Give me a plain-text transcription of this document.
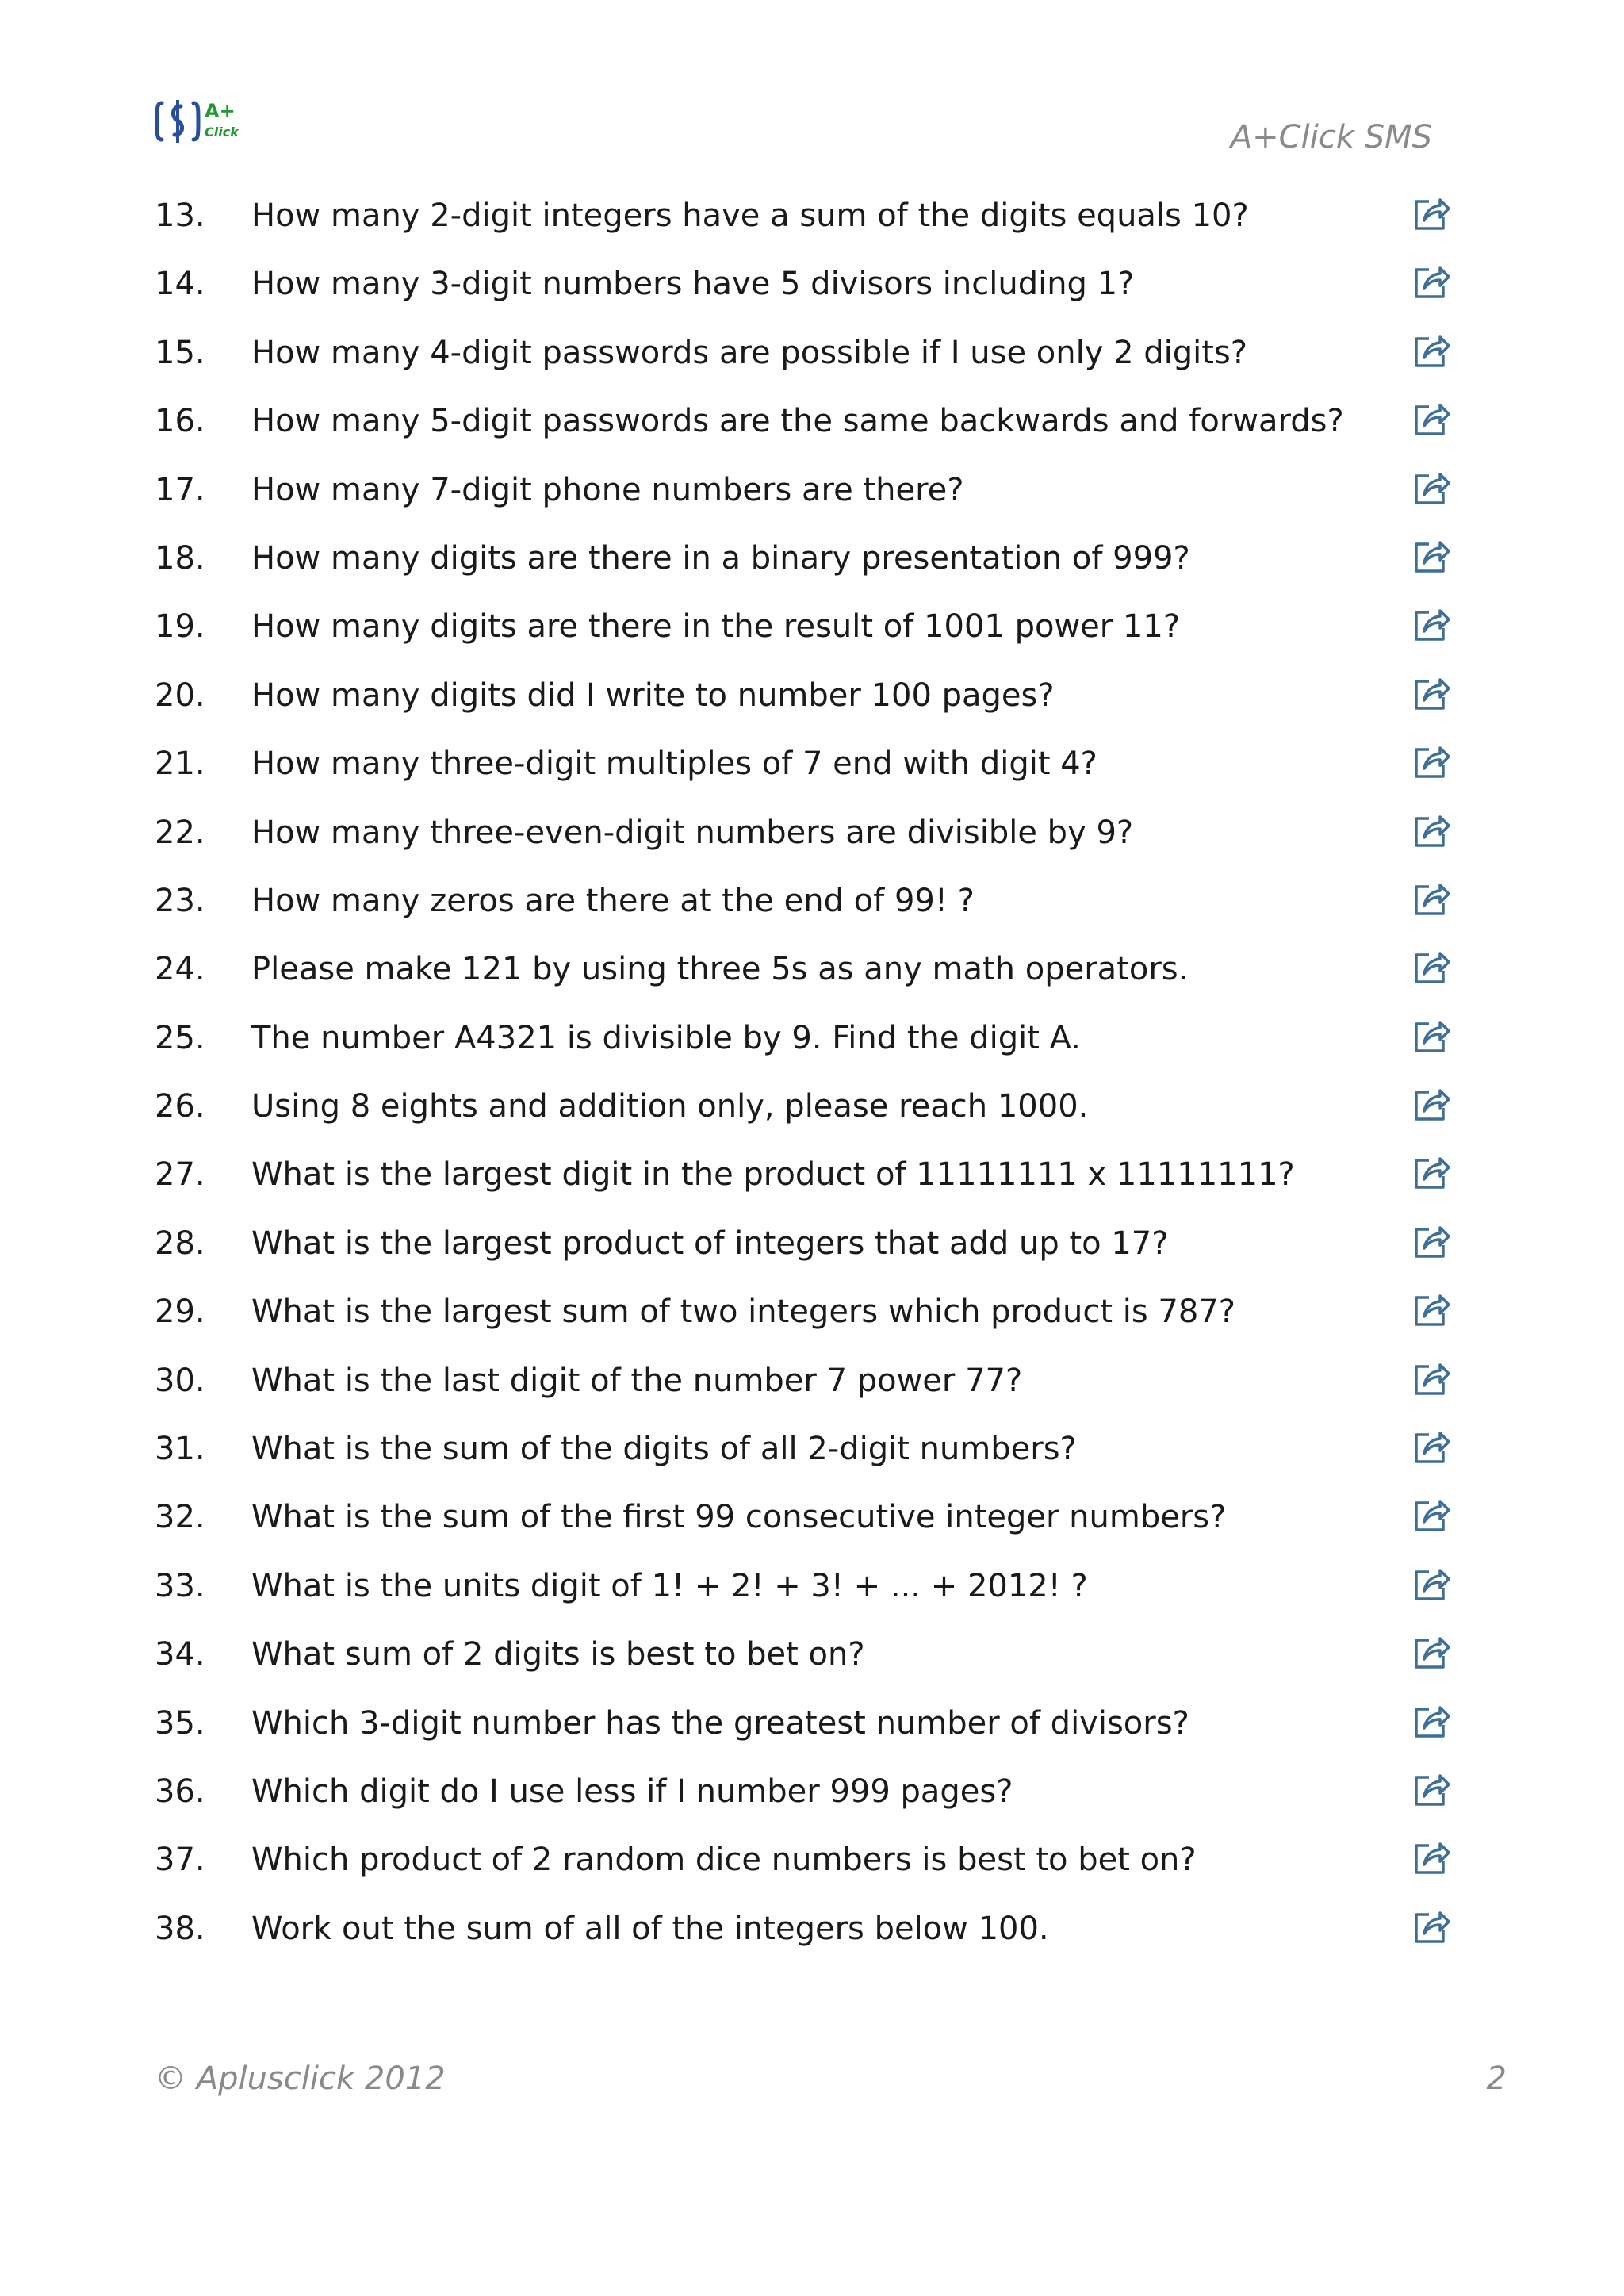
A+
Click	A+Click SMS
13.	How many 2-digit integers have a sum of the digits equals 10?
14.	How many 3-digit numbers have 5 divisors including 1?
15.	How many 4-digit passwords are possible if I use only 2 digits?
16.	How many 5-digit passwords are the same backwards and forwards?
17.	How many 7-digit phone numbers are there?
18.	How many digits are there in a binary presentation of 999?
19.	How many digits are there in the result of 1001 power 11?
20.	How many digits did I write to number 100 pages?
21.	How many three-digit multiples of 7 end with digit 4?
22.	How many three-even-digit numbers are divisible by 9?
23.	How many zeros are there at the end of 99! ?
24.	Please make 121 by using three 5s as any math operators.
25.	The number A4321 is divisible by 9. Find the digit A.
26.	Using 8 eights and addition only, please reach 1000.
27.	What is the largest digit in the product of 11111111 x 11111111?
28.	What is the largest product of integers that add up to 17?
29.	What is the largest sum of two integers which product is 787?
30.	What is the last digit of the number 7 power 77?
31.	What is the sum of the digits of all 2-digit numbers?
32.	What is the sum of the first 99 consecutive integer numbers?
33.	What is the units digit of 1! + 2! + 3! + ... + 2012! ?
34.	What sum of 2 digits is best to bet on?
35.	Which 3-digit number has the greatest number of divisors?
36.	Which digit do I use less if I number 999 pages?
37.	Which product of 2 random dice numbers is best to bet on?
38.	Work out the sum of all of the integers below 100.
© Aplusclick 2012	2
